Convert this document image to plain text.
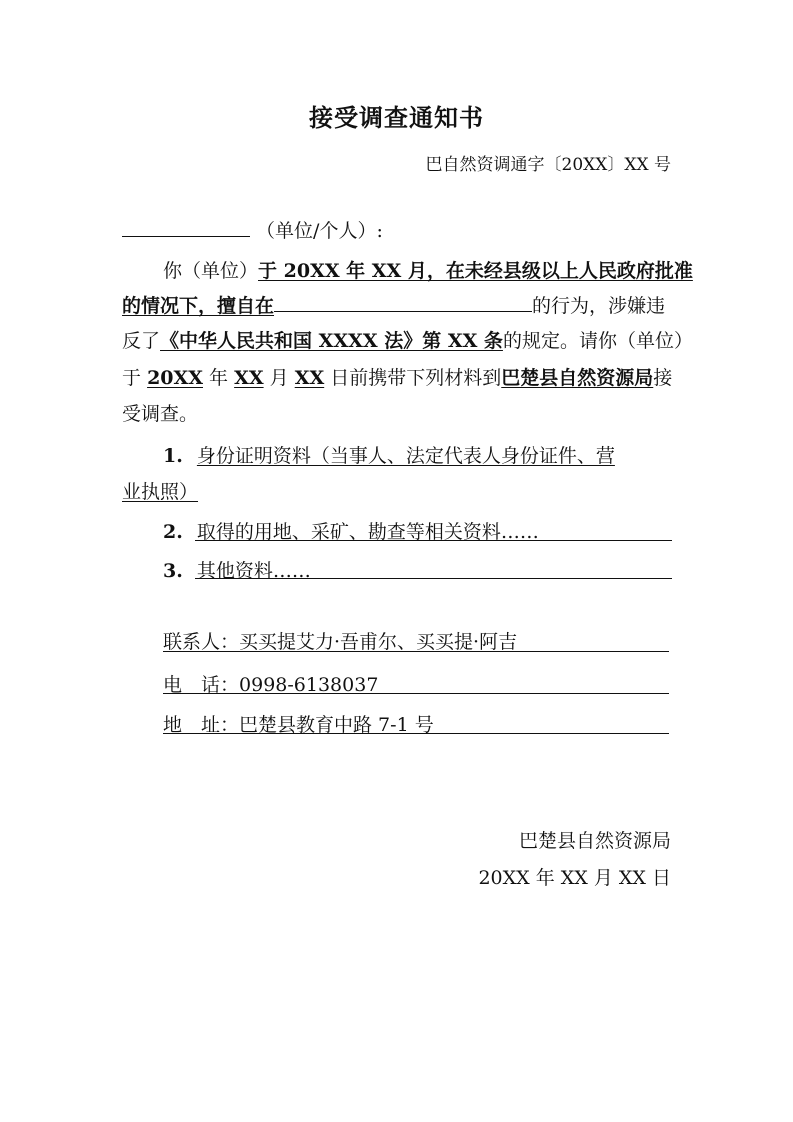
接受调查通知书
巴自然资调通字〔20XX〕XX 号
（单位/个人）:
你（单位）于 20XX 年 XX 月，在未经县级以上人民政府批准
的情况下，擅自在	的行为，涉嫌违
反了《中华人民共和国 XXXX 法》第 XX 条的规定。请你（单位）
于 20XX 年 XX 月 XX 日前携带下列材料到巴楚县自然资源局接
受调查。
1. 身份证明资料（当事人、法定代表人身份证件、营
业执照）
2. 取得的用地、采矿、勘查等相关资料……
3. 其他资料……
联系人：买买提艾力·吾甫尔、买买提·阿吉
电　话：0998-6138037
地　址：巴楚县教育中路 7-1 号
巴楚县自然资源局
20XX 年 XX 月 XX 日
